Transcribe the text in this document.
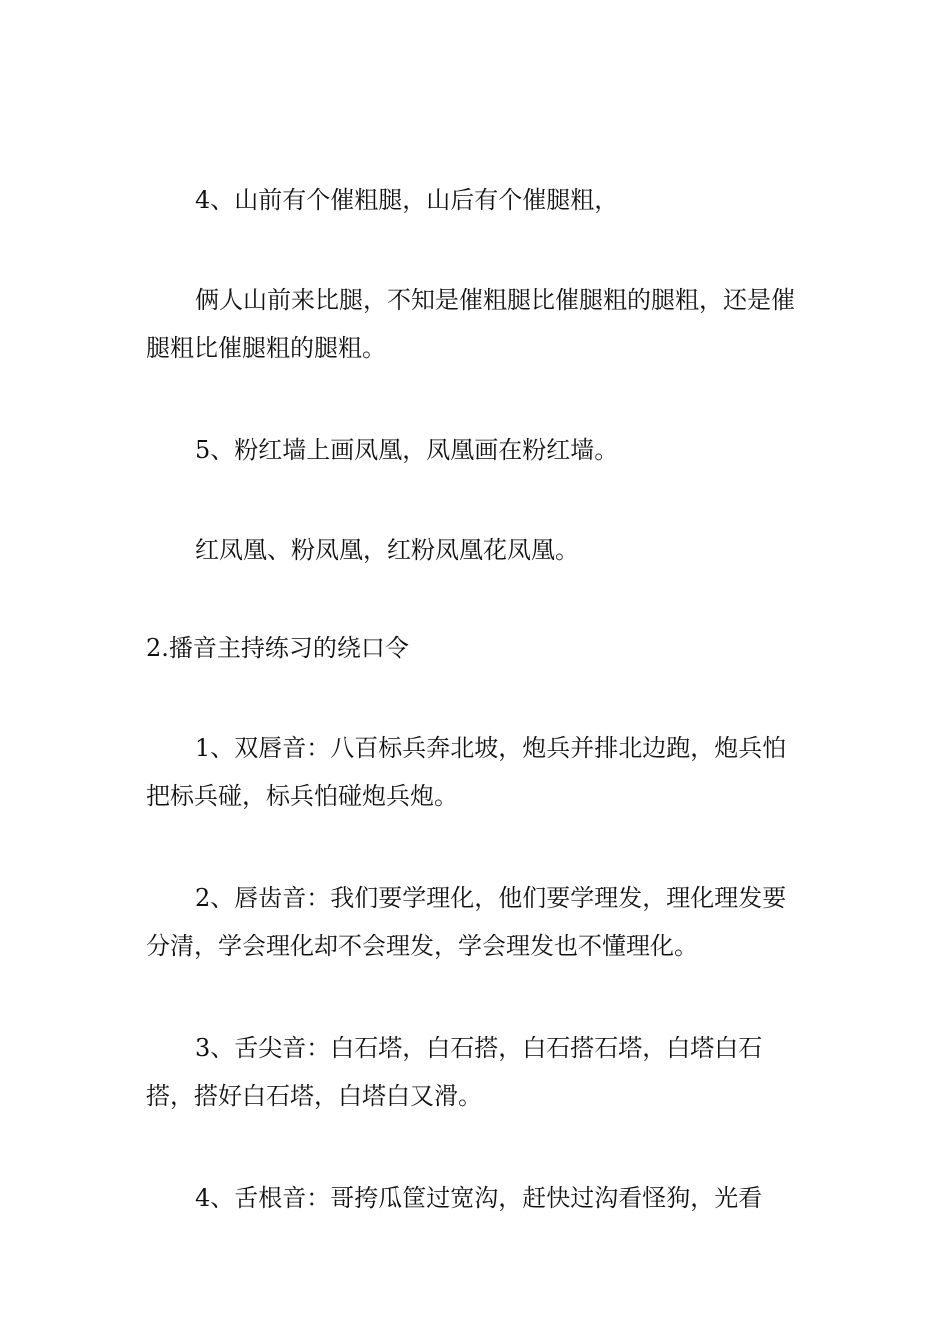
4、山前有个催粗腿，山后有个催腿粗，

俩人山前来比腿，不知是催粗腿比催腿粗的腿粗，还是催腿粗比催腿粗的腿粗。

5、粉红墙上画凤凰，凤凰画在粉红墙。

红凤凰、粉凤凰，红粉凤凰花凤凰。

2.播音主持练习的绕口令

1、双唇音：八百标兵奔北坡，炮兵并排北边跑，炮兵怕把标兵碰，标兵怕碰炮兵炮。

2、唇齿音：我们要学理化，他们要学理发，理化理发要分清，学会理化却不会理发，学会理发也不懂理化。

3、舌尖音：白石塔，白石搭，白石搭石塔，白塔白石搭，搭好白石塔，白塔白又滑。

4、舌根音：哥挎瓜筐过宽沟，赶快过沟看怪狗，光看
